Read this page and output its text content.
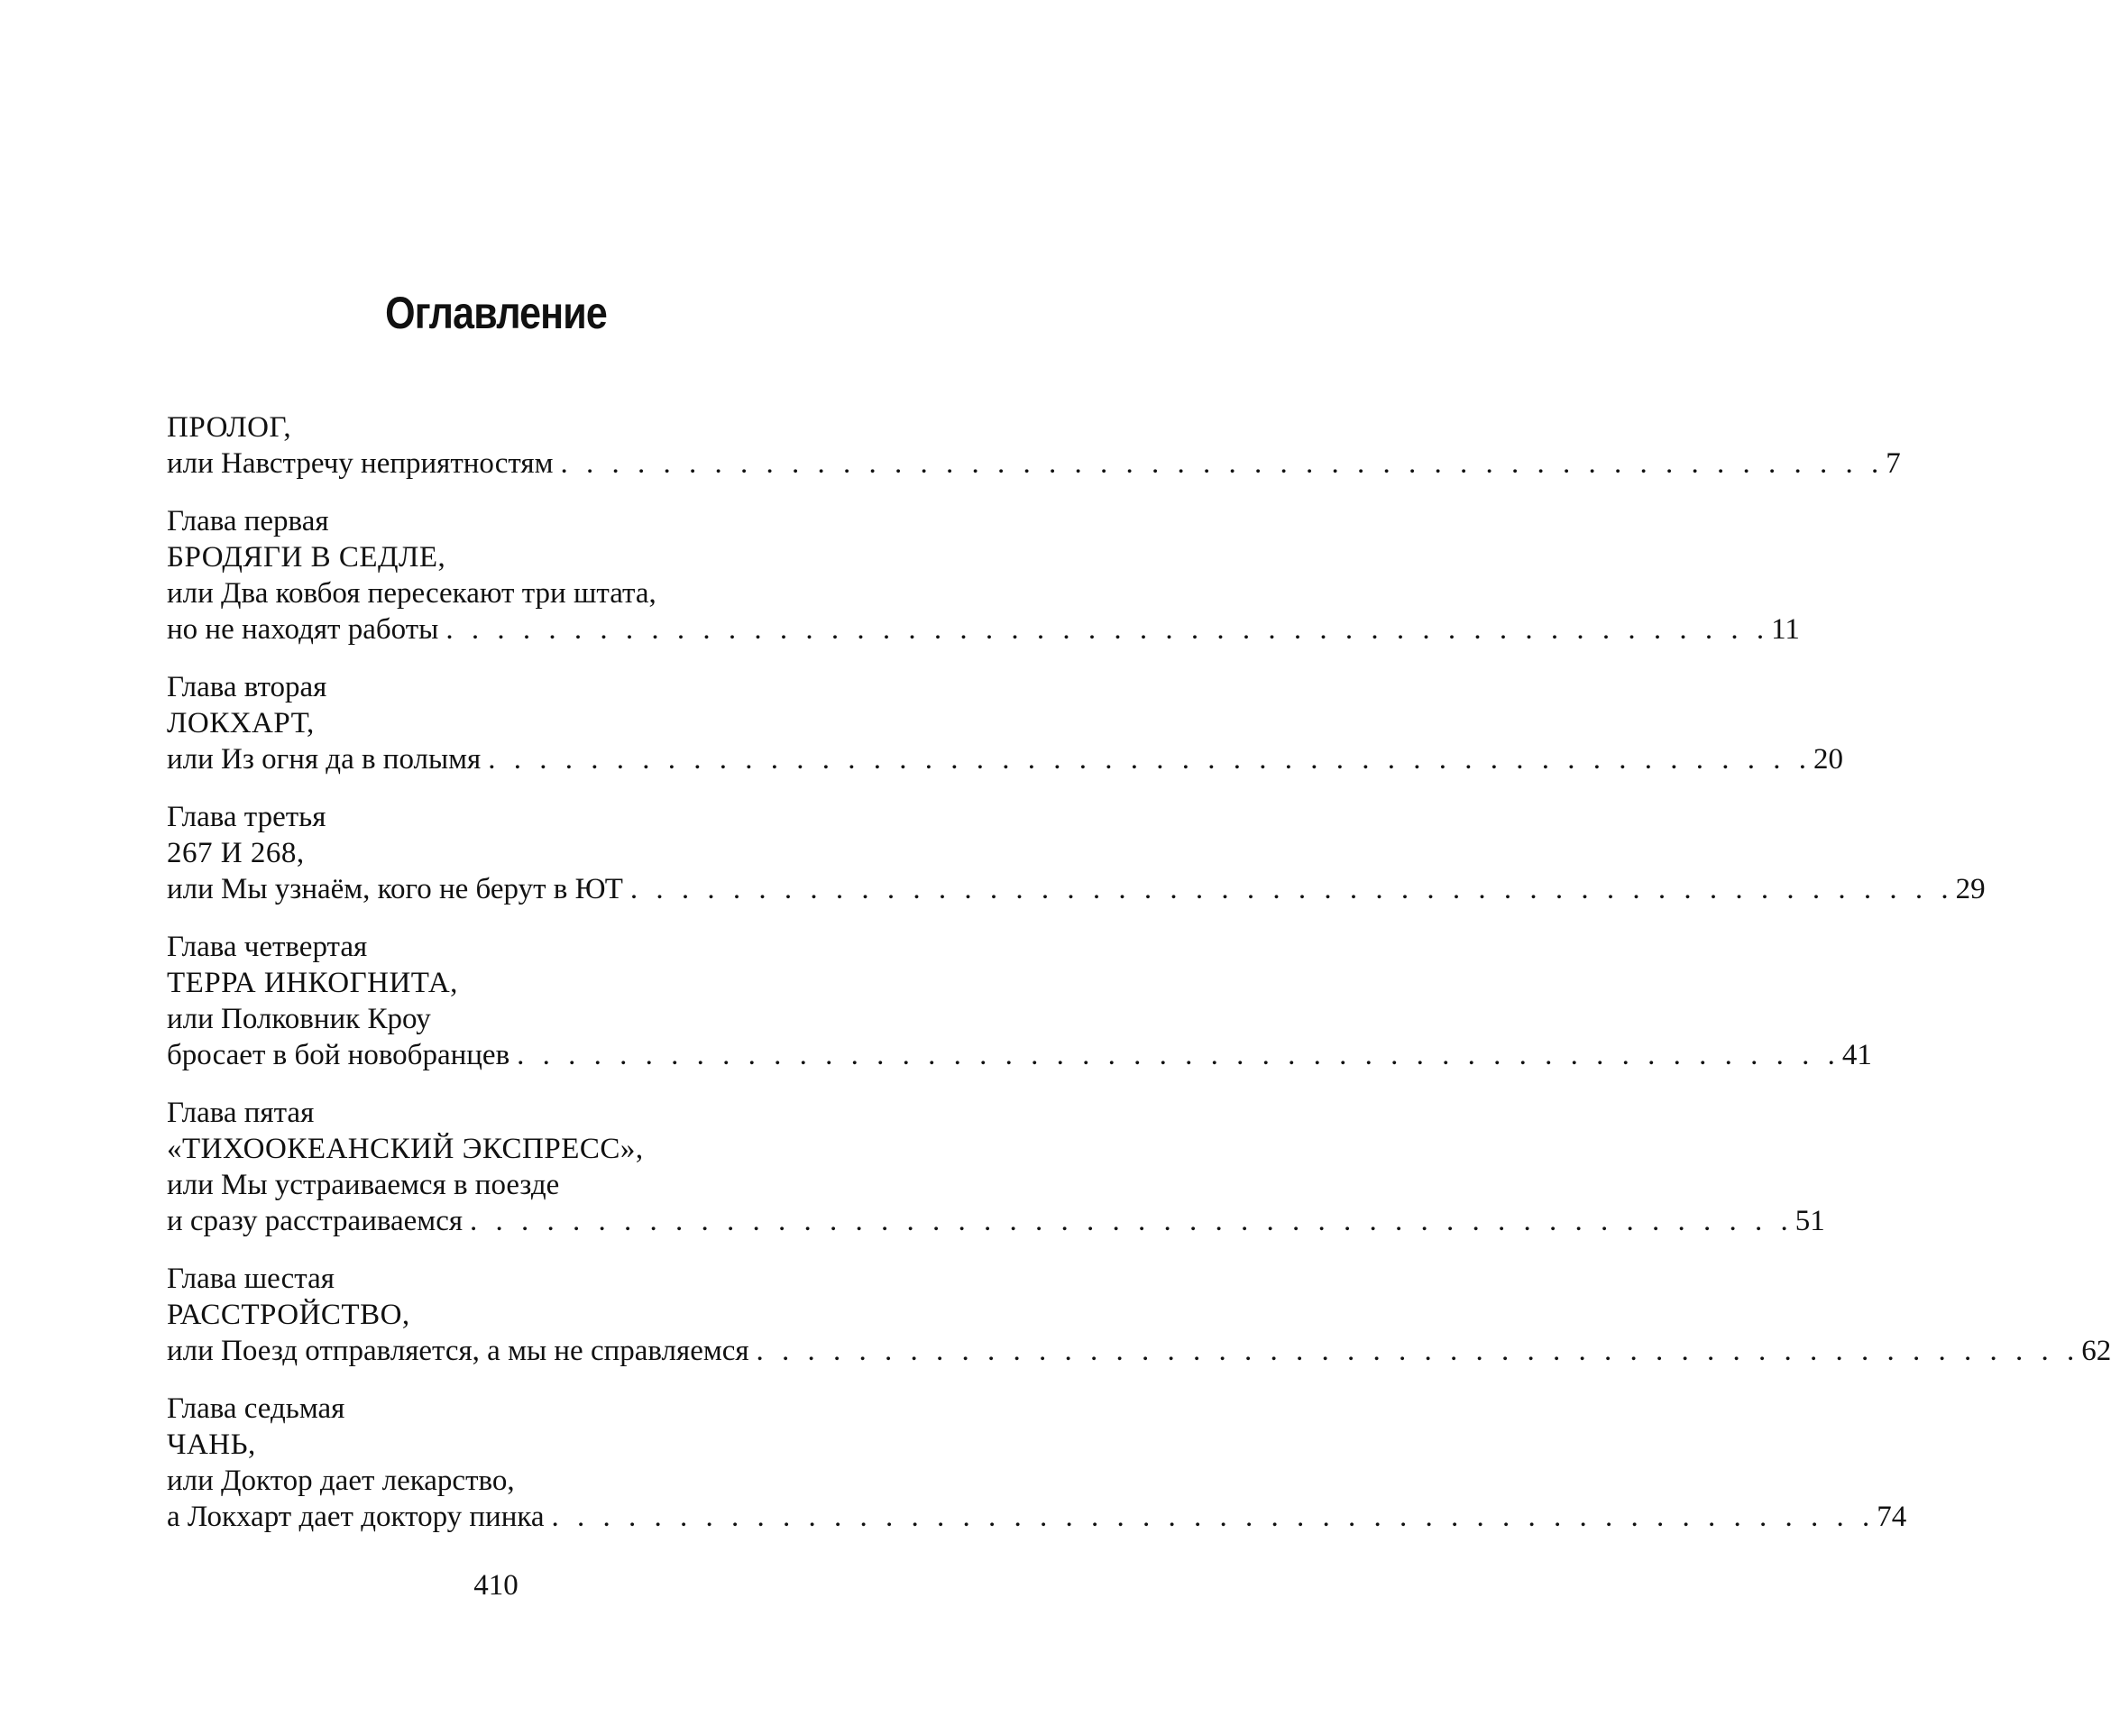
Оглавление
ПРОЛОГ,
или Навстречу неприятностям . . . . . . . . . . . . . . . . . . . . . . . . . . . . . . . . . . . . . . . . . . . . . . . . . . . . 7
Глава первая
БРОДЯГИ В СЕДЛЕ,
или Два ковбоя пересекают три штата,
но не находят работы . . . . . . . . . . . . . . . . . . . . . . . . . . . . . . . . . . . . . . . . . . . . . . . . . . . . 11
Глава вторая
ЛОКХАРТ,
или Из огня да в полымя . . . . . . . . . . . . . . . . . . . . . . . . . . . . . . . . . . . . . . . . . . . . . . . . . . . . 20
Глава третья
267 И 268,
или Мы узнаём, кого не берут в ЮТ . . . . . . . . . . . . . . . . . . . . . . . . . . . . . . . . . . . . . . . . . . . . . . . . . . . . 29
Глава четвертая
ТЕРРА ИНКОГНИТА,
или Полковник Кроу
бросает в бой новобранцев . . . . . . . . . . . . . . . . . . . . . . . . . . . . . . . . . . . . . . . . . . . . . . . . . . . . 41
Глава пятая
«ТИХООКЕАНСКИЙ ЭКСПРЕСС»,
или Мы устраиваемся в поезде
и сразу расстраиваемся . . . . . . . . . . . . . . . . . . . . . . . . . . . . . . . . . . . . . . . . . . . . . . . . . . . . 51
Глава шестая
РАССТРОЙСТВО,
или Поезд отправляется, а мы не справляемся . . . . . . . . . . . . . . . . . . . . . . . . . . . . . . . . . . . . . . . . . . . . . . . . . . . . 62
Глава седьмая
ЧАНЬ,
или Доктор дает лекарство,
а Локхарт дает доктору пинка . . . . . . . . . . . . . . . . . . . . . . . . . . . . . . . . . . . . . . . . . . . . . . . . . . . . 74
410
